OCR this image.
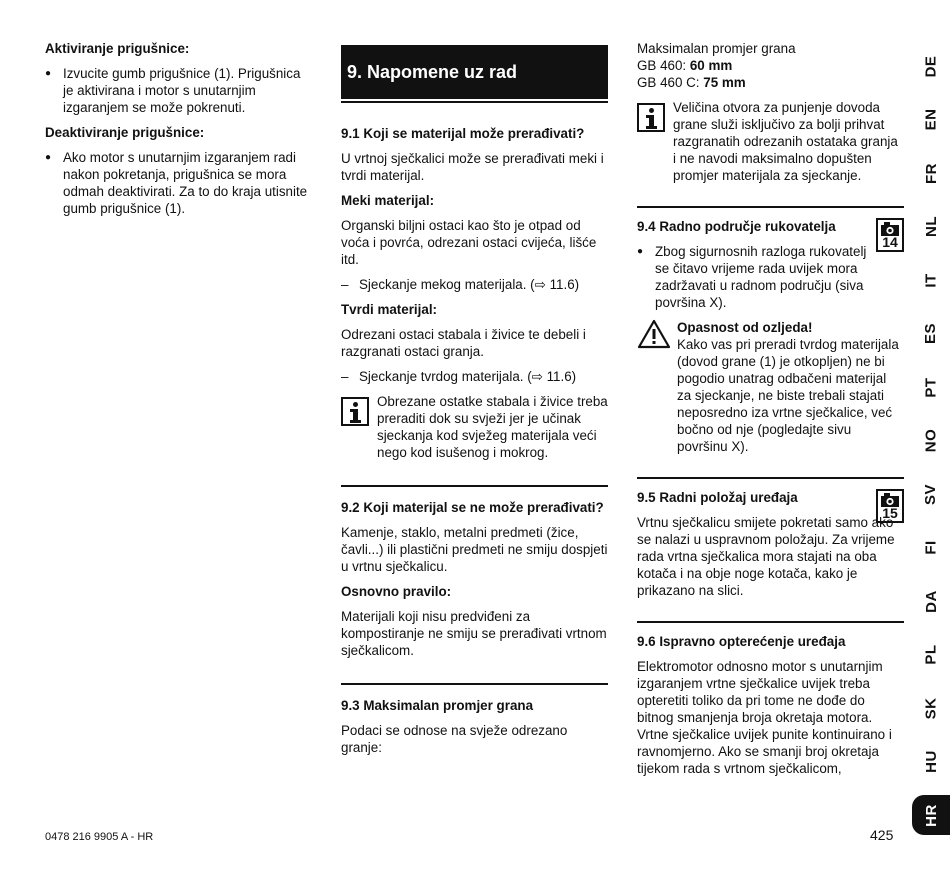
Aktiviranje prigušnice:
● Izvucite gumb prigušnice (1). Prigušnica je aktivirana i motor s unutarnjim izgaranjem se može pokrenuti.
Deaktiviranje prigušnice:
● Ako motor s unutarnjim izgaranjem radi nakon pokretanja, prigušnica se mora odmah deaktivirati. Za to do kraja utisnite gumb prigušnice (1).
9. Napomene uz rad
9.1 Koji se materijal može prerađivati?

U vrtnoj sječkalici može se prerađivati meki i tvrdi materijal.

Meki materijal:

Organski biljni ostaci kao što je otpad od voća i povrća, odrezani ostaci cvijeća, lišće itd.

– Sjeckanje mekog materijala. (⇨ 11.6)
Tvrdi materijal:

Odrezani ostaci stabala i živice te debeli i razgranati ostaci granja.

– Sjeckanje tvrdog materijala. (⇨ 11.6)
Obrezane ostatke stabala i živice treba preraditi dok su svježi jer je učinak sjeckanja kod svježeg materijala veći nego kod isušenog i mokrog.
9.2 Koji materijal se ne može prerađivati?

Kamenje, staklo, metalni predmeti (žice, čavli...) ili plastični predmeti ne smiju dospjeti u vrtnu sječkalicu.

Osnovno pravilo:

Materijali koji nisu predviđeni za kompostiranje ne smiju se prerađivati vrtnom sječkalicom.

9.3 Maksimalan promjer grana

Podaci se odnose na svježe odrezano granje:

Maksimalan promjer grana
GB 460: 60 mm
GB 460 C: 75 mm
Veličina otvora za punjenje dovoda grane služi isključivo za bolji prihvat razgranatih odrezanih ostataka granja i ne navodi maksimalno dopušten promjer materijala za sjeckanje.
9.4 Radno područje rukovatelja
14
● Zbog sigurnosnih razloga rukovatelj se čitavo vrijeme rada uvijek mora zadržavati u radnom području (siva površina X).
Opasnost od ozljeda!
Kako vas pri preradi tvrdog materijala (dovod grane (1) je otkopljen) ne bi pogodio unatrag odbačeni materijal za sjeckanje, ne biste trebali stajati neposredno iza vrtne sječkalice, već bočno od nje (pogledajte sivu površinu X).
9.5 Radni položaj uređaja
15

Vrtnu sječkalicu smijete pokretati samo ako se nalazi u uspravnom položaju. Za vrijeme rada vrtna sječkalica mora stajati na oba kotača i na obje noge kotača, kako je prikazano na slici.

9.6 Ispravno opterećenje uređaja

Elektromotor odnosno motor s unutarnjim izgaranjem vrtne sječkalice uvijek treba opteretiti toliko da pri tome ne dođe do bitnog smanjenja broja okretaja motora. Vrtne sječkalice uvijek punite kontinuirano i ravnomjerno. Ako se smanji broj okretaja tijekom rada s vrtnom sječkalicom,

DE
EN
FR
NL
IT
ES
PT
NO
SV
FI
DA
PL
SK
HU
HR
0478 216 9905 A - HR	425
